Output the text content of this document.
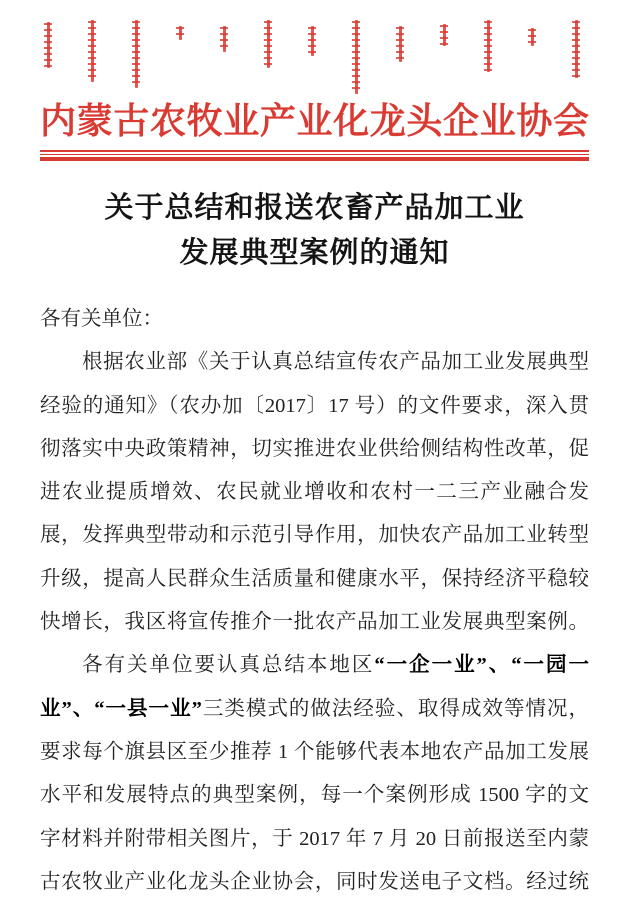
内蒙古农牧业产业化龙头企业协会
关于总结和报送农畜产品加工业
发展典型案例的通知
各有关单位：
根据农业部《关于认真总结宣传农产品加工业发展典型
经验的通知》（农办加〔2017〕17 号）的文件要求，深入贯
彻落实中央政策精神，切实推进农业供给侧结构性改革，促
进农业提质增效、农民就业增收和农村一二三产业融合发
展，发挥典型带动和示范引导作用，加快农产品加工业转型
升级，提高人民群众生活质量和健康水平，保持经济平稳较
快增长，我区将宣传推介一批农产品加工业发展典型案例。
各有关单位要认真总结本地区“一企一业”、“一园一
业”、“一县一业”三类模式的做法经验、取得成效等情况，
要求每个旗县区至少推荐 1 个能够代表本地农产品加工发展
水平和发展特点的典型案例，每一个案例形成 1500 字的文
字材料并附带相关图片，于 2017 年 7 月 20 日前报送至内蒙
古农牧业产业化龙头企业协会，同时发送电子文档。经过统
